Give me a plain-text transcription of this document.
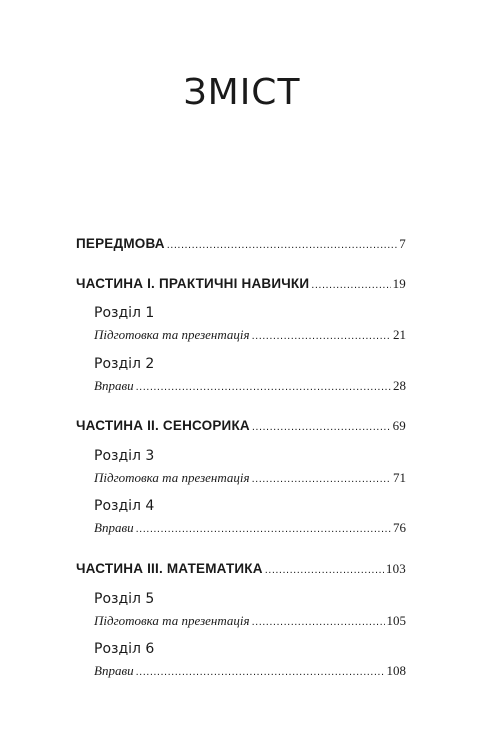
ЗМІСТ
ПЕРЕДМОВА .....	7
ЧАСТИНА І. ПРАКТИЧНІ НАВИЧКИ .....	19
Розділ 1
Підготовка та презентація .....	21
Розділ 2
Вправи .....	28
ЧАСТИНА ІІ. СЕНСОРИКА .....	69
Розділ 3
Підготовка та презентація .....	71
Розділ 4
Вправи .....	76
ЧАСТИНА ІІІ. МАТЕМАТИКА .....	103
Розділ 5
Підготовка та презентація .....	105
Розділ 6
Вправи .....	108
